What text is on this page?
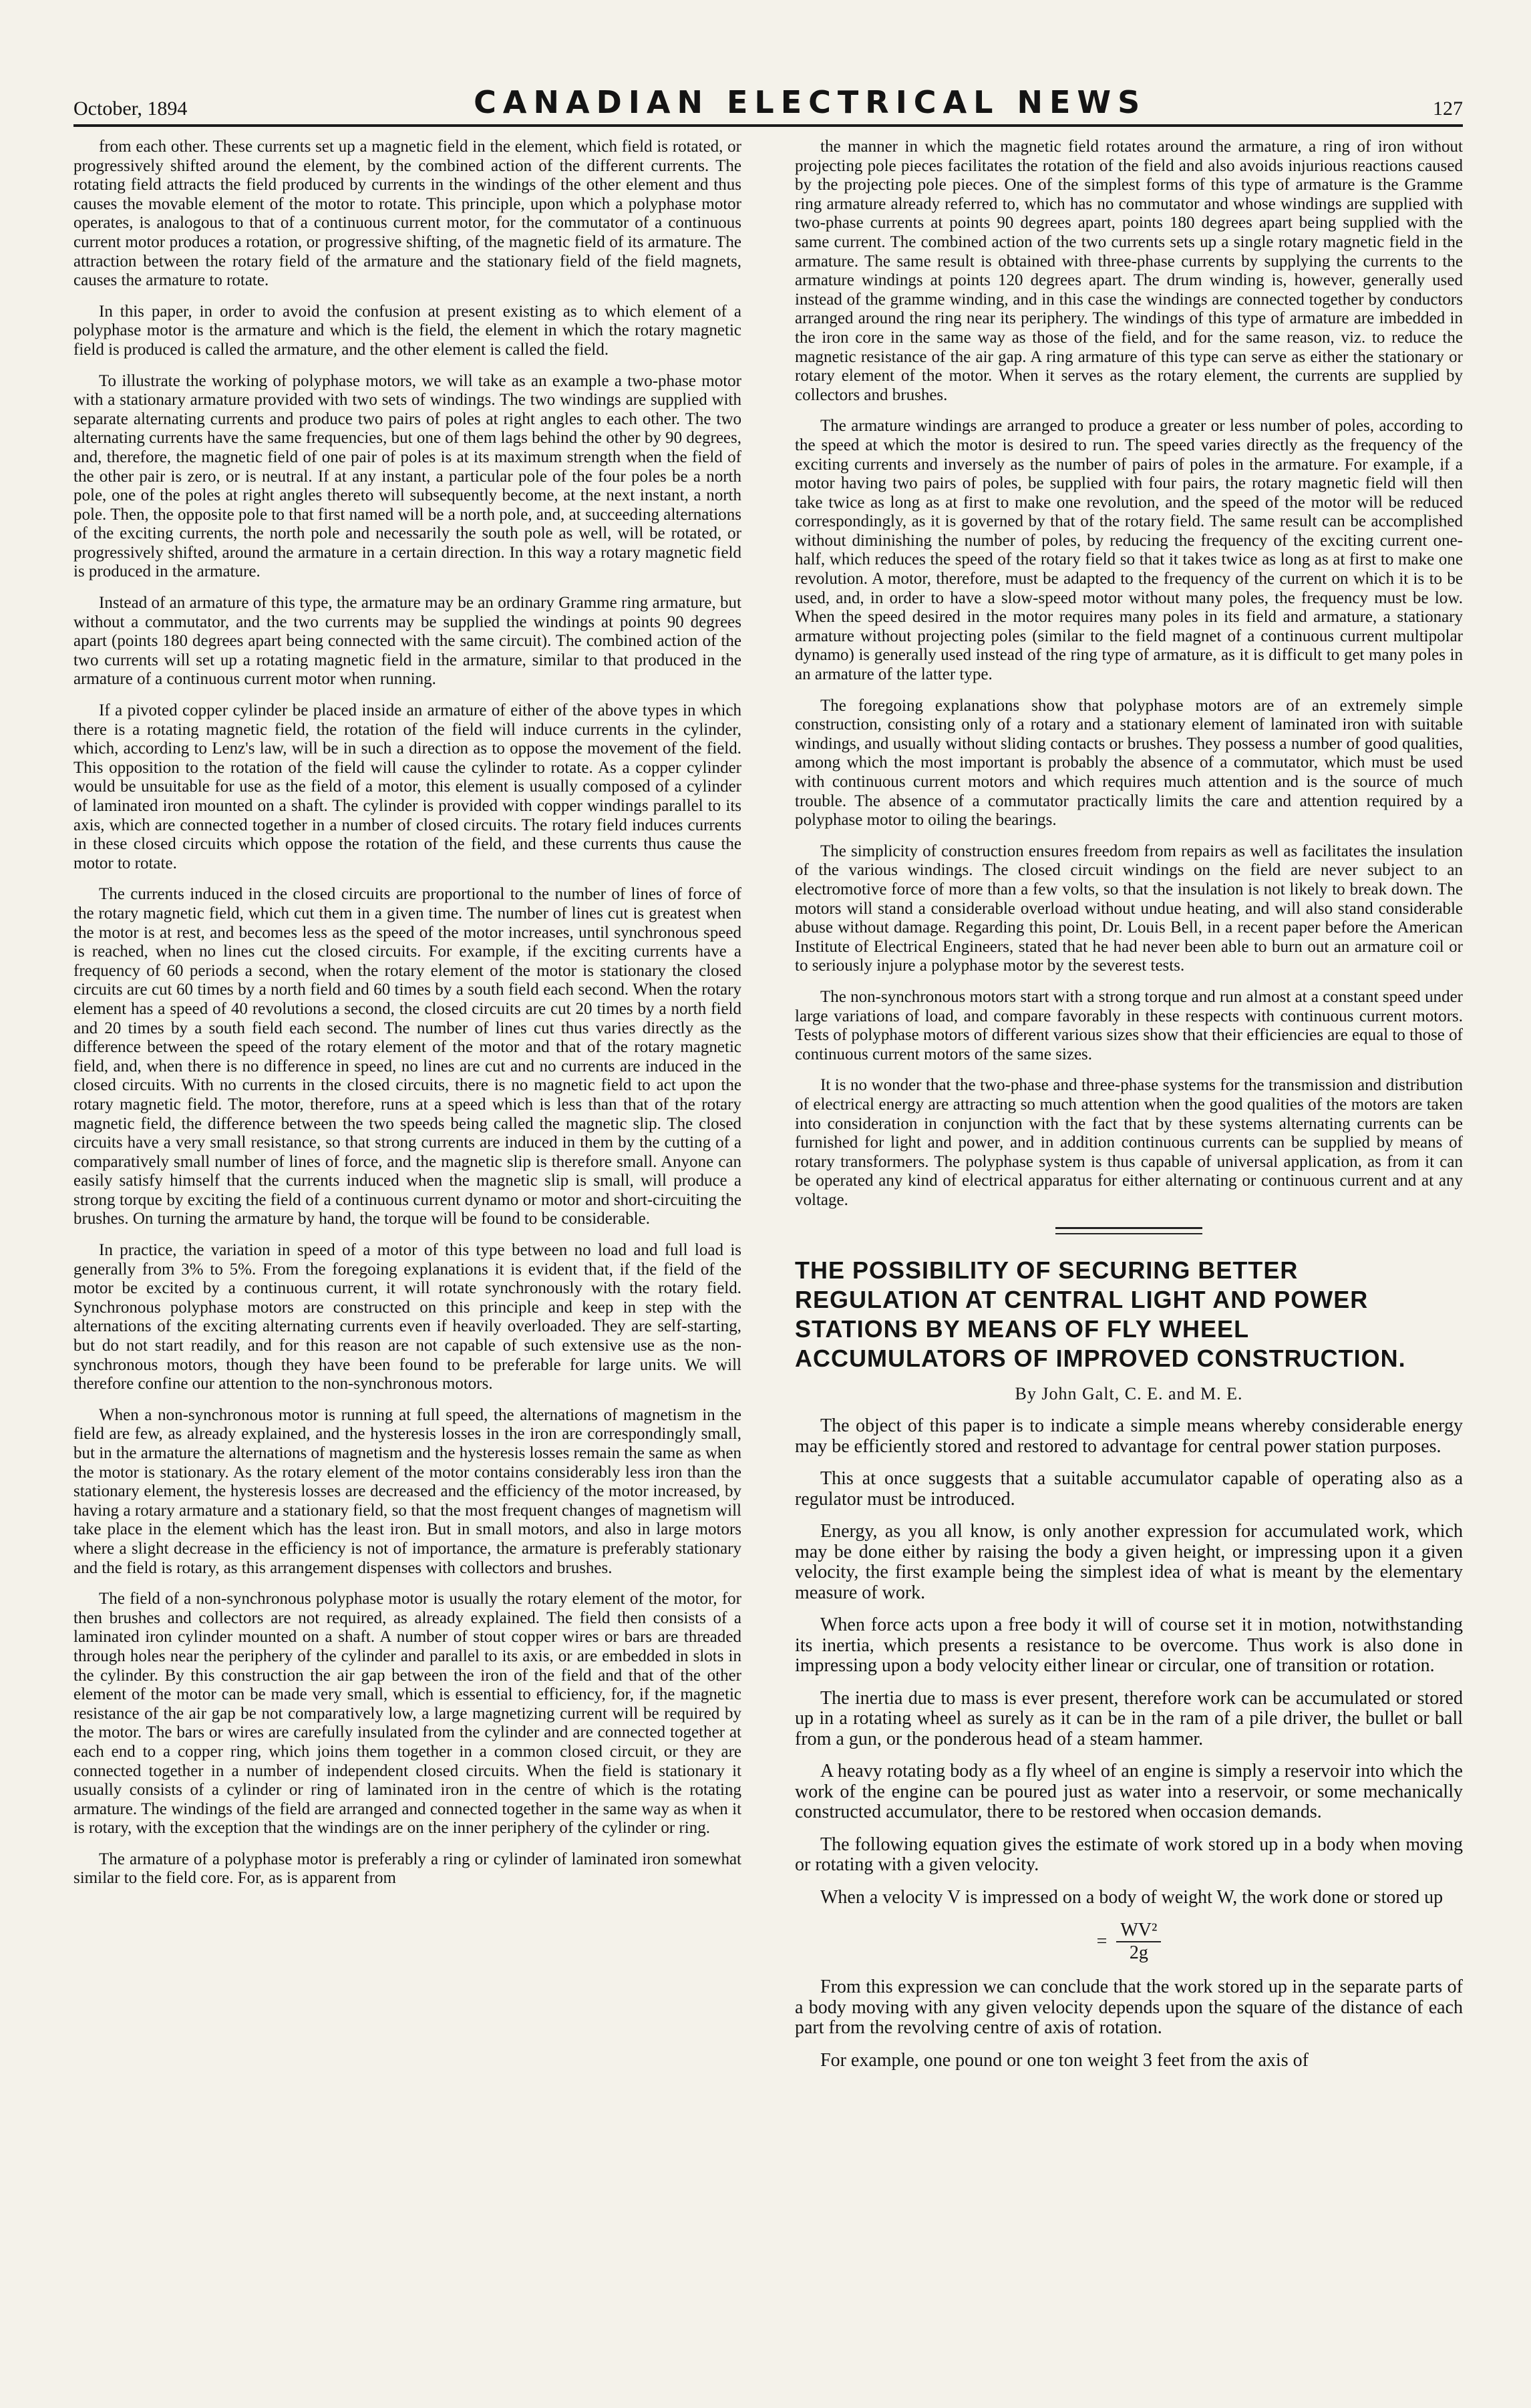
October, 1894	CANADIAN ELECTRICAL NEWS	127

from each other. These currents set up a magnetic field in the element, which field is rotated, or progressively shifted around the element, by the combined action of the different currents. The rotating field attracts the field produced by currents in the windings of the other element and thus causes the movable element of the motor to rotate. This principle, upon which a polyphase motor operates, is analogous to that of a continuous current motor, for the commutator of a continuous current motor produces a rotation, or progressive shifting, of the magnetic field of its armature. The attraction between the rotary field of the armature and the stationary field of the field magnets, causes the armature to rotate.

In this paper, in order to avoid the confusion at present existing as to which element of a polyphase motor is the armature and which is the field, the element in which the rotary magnetic field is produced is called the armature, and the other element is called the field.

To illustrate the working of polyphase motors, we will take as an example a two-phase motor with a stationary armature provided with two sets of windings. The two windings are supplied with separate alternating currents and produce two pairs of poles at right angles to each other. The two alternating currents have the same frequencies, but one of them lags behind the other by 90 degrees, and, therefore, the magnetic field of one pair of poles is at its maximum strength when the field of the other pair is zero, or is neutral. If at any instant, a particular pole of the four poles be a north pole, one of the poles at right angles thereto will subsequently become, at the next instant, a north pole. Then, the opposite pole to that first named will be a north pole, and, at succeeding alternations of the exciting currents, the north pole and necessarily the south pole as well, will be rotated, or progressively shifted, around the armature in a certain direction. In this way a rotary magnetic field is produced in the armature.

Instead of an armature of this type, the armature may be an ordinary Gramme ring armature, but without a commutator, and the two currents may be supplied the windings at points 90 degrees apart (points 180 degrees apart being connected with the same circuit). The combined action of the two currents will set up a rotating magnetic field in the armature, similar to that produced in the armature of a continuous current motor when running.

If a pivoted copper cylinder be placed inside an armature of either of the above types in which there is a rotating magnetic field, the rotation of the field will induce currents in the cylinder, which, according to Lenz's law, will be in such a direction as to oppose the movement of the field. This opposition to the rotation of the field will cause the cylinder to rotate. As a copper cylinder would be unsuitable for use as the field of a motor, this element is usually composed of a cylinder of laminated iron mounted on a shaft. The cylinder is provided with copper windings parallel to its axis, which are connected together in a number of closed circuits. The rotary field induces currents in these closed circuits which oppose the rotation of the field, and these currents thus cause the motor to rotate.

The currents induced in the closed circuits are proportional to the number of lines of force of the rotary magnetic field, which cut them in a given time. The number of lines cut is greatest when the motor is at rest, and becomes less as the speed of the motor increases, until synchronous speed is reached, when no lines cut the closed circuits. For example, if the exciting currents have a frequency of 60 periods a second, when the rotary element of the motor is stationary the closed circuits are cut 60 times by a north field and 60 times by a south field each second. When the rotary element has a speed of 40 revolutions a second, the closed circuits are cut 20 times by a north field and 20 times by a south field each second. The number of lines cut thus varies directly as the difference between the speed of the rotary element of the motor and that of the rotary magnetic field, and, when there is no difference in speed, no lines are cut and no currents are induced in the closed circuits. With no currents in the closed circuits, there is no magnetic field to act upon the rotary magnetic field. The motor, therefore, runs at a speed which is less than that of the rotary magnetic field, the difference between the two speeds being called the magnetic slip. The closed circuits have a very small resistance, so that strong currents are induced in them by the cutting of a comparatively small number of lines of force, and the magnetic slip is therefore small. Anyone can easily satisfy himself that the currents induced when the magnetic slip is small, will produce a strong torque by exciting the field of a continuous current dynamo or motor and short-circuiting the brushes. On turning the armature by hand, the torque will be found to be considerable.

In practice, the variation in speed of a motor of this type between no load and full load is generally from 3% to 5%. From the foregoing explanations it is evident that, if the field of the motor be excited by a continuous current, it will rotate synchronously with the rotary field. Synchronous polyphase motors are constructed on this principle and keep in step with the alternations of the exciting alternating currents even if heavily overloaded. They are self-starting, but do not start readily, and for this reason are not capable of such extensive use as the non-synchronous motors, though they have been found to be preferable for large units. We will therefore confine our attention to the non-synchronous motors.

When a non-synchronous motor is running at full speed, the alternations of magnetism in the field are few, as already explained, and the hysteresis losses in the iron are correspondingly small, but in the armature the alternations of magnetism and the hysteresis losses remain the same as when the motor is stationary. As the rotary element of the motor contains considerably less iron than the stationary element, the hysteresis losses are decreased and the efficiency of the motor increased, by having a rotary armature and a stationary field, so that the most frequent changes of magnetism will take place in the element which has the least iron. But in small motors, and also in large motors where a slight decrease in the efficiency is not of importance, the armature is preferably stationary and the field is rotary, as this arrangement dispenses with collectors and brushes.

The field of a non-synchronous polyphase motor is usually the rotary element of the motor, for then brushes and collectors are not required, as already explained. The field then consists of a laminated iron cylinder mounted on a shaft. A number of stout copper wires or bars are threaded through holes near the periphery of the cylinder and parallel to its axis, or are embedded in slots in the cylinder. By this construction the air gap between the iron of the field and that of the other element of the motor can be made very small, which is essential to efficiency, for, if the magnetic resistance of the air gap be not comparatively low, a large magnetizing current will be required by the motor. The bars or wires are carefully insulated from the cylinder and are connected together at each end to a copper ring, which joins them together in a common closed circuit, or they are connected together in a number of independent closed circuits. When the field is stationary it usually consists of a cylinder or ring of laminated iron in the centre of which is the rotating armature. The windings of the field are arranged and connected together in the same way as when it is rotary, with the exception that the windings are on the inner periphery of the cylinder or ring.

The armature of a polyphase motor is preferably a ring or cylinder of laminated iron somewhat similar to the field core. For, as is apparent from

the manner in which the magnetic field rotates around the armature, a ring of iron without projecting pole pieces facilitates the rotation of the field and also avoids injurious reactions caused by the projecting pole pieces. One of the simplest forms of this type of armature is the Gramme ring armature already referred to, which has no commutator and whose windings are supplied with two-phase currents at points 90 degrees apart, points 180 degrees apart being supplied with the same current. The combined action of the two currents sets up a single rotary magnetic field in the armature. The same result is obtained with three-phase currents by supplying the currents to the armature windings at points 120 degrees apart. The drum winding is, however, generally used instead of the gramme winding, and in this case the windings are connected together by conductors arranged around the ring near its periphery. The windings of this type of armature are imbedded in the iron core in the same way as those of the field, and for the same reason, viz. to reduce the magnetic resistance of the air gap. A ring armature of this type can serve as either the stationary or rotary element of the motor. When it serves as the rotary element, the currents are supplied by collectors and brushes.

The armature windings are arranged to produce a greater or less number of poles, according to the speed at which the motor is desired to run. The speed varies directly as the frequency of the exciting currents and inversely as the number of pairs of poles in the armature. For example, if a motor having two pairs of poles, be supplied with four pairs, the rotary magnetic field will then take twice as long as at first to make one revolution, and the speed of the motor will be reduced correspondingly, as it is governed by that of the rotary field. The same result can be accomplished without diminishing the number of poles, by reducing the frequency of the exciting current one-half, which reduces the speed of the rotary field so that it takes twice as long as at first to make one revolution. A motor, therefore, must be adapted to the frequency of the current on which it is to be used, and, in order to have a slow-speed motor without many poles, the frequency must be low. When the speed desired in the motor requires many poles in its field and armature, a stationary armature without projecting poles (similar to the field magnet of a continuous current multipolar dynamo) is generally used instead of the ring type of armature, as it is difficult to get many poles in an armature of the latter type.

The foregoing explanations show that polyphase motors are of an extremely simple construction, consisting only of a rotary and a stationary element of laminated iron with suitable windings, and usually without sliding contacts or brushes. They possess a number of good qualities, among which the most important is probably the absence of a commutator, which must be used with continuous current motors and which requires much attention and is the source of much trouble. The absence of a commutator practically limits the care and attention required by a polyphase motor to oiling the bearings.

The simplicity of construction ensures freedom from repairs as well as facilitates the insulation of the various windings. The closed circuit windings on the field are never subject to an electromotive force of more than a few volts, so that the insulation is not likely to break down. The motors will stand a considerable overload without undue heating, and will also stand considerable abuse without damage. Regarding this point, Dr. Louis Bell, in a recent paper before the American Institute of Electrical Engineers, stated that he had never been able to burn out an armature coil or to seriously injure a polyphase motor by the severest tests.

The non-synchronous motors start with a strong torque and run almost at a constant speed under large variations of load, and compare favorably in these respects with continuous current motors. Tests of polyphase motors of different various sizes show that their efficiencies are equal to those of continuous current motors of the same sizes.

It is no wonder that the two-phase and three-phase systems for the transmission and distribution of electrical energy are attracting so much attention when the good qualities of the motors are taken into consideration in conjunction with the fact that by these systems alternating currents can be furnished for light and power, and in addition continuous currents can be supplied by means of rotary transformers. The polyphase system is thus capable of universal application, as from it can be operated any kind of electrical apparatus for either alternating or continuous current and at any voltage.

THE POSSIBILITY OF SECURING BETTER REGULATION AT CENTRAL LIGHT AND POWER STATIONS BY MEANS OF FLY WHEEL ACCUMULATORS OF IMPROVED CONSTRUCTION.
By John Galt, C. E. and M. E.

The object of this paper is to indicate a simple means whereby considerable energy may be efficiently stored and restored to advantage for central power station purposes.

This at once suggests that a suitable accumulator capable of operating also as a regulator must be introduced.

Energy, as you all know, is only another expression for accumulated work, which may be done either by raising the body a given height, or impressing upon it a given velocity, the first example being the simplest idea of what is meant by the elementary measure of work.

When force acts upon a free body it will of course set it in motion, notwithstanding its inertia, which presents a resistance to be overcome. Thus work is also done in impressing upon a body velocity either linear or circular, one of transition or rotation.

The inertia due to mass is ever present, therefore work can be accumulated or stored up in a rotating wheel as surely as it can be in the ram of a pile driver, the bullet or ball from a gun, or the ponderous head of a steam hammer.

A heavy rotating body as a fly wheel of an engine is simply a reservoir into which the work of the engine can be poured just as water into a reservoir, or some mechanically constructed accumulator, there to be restored when occasion demands.

The following equation gives the estimate of work stored up in a body when moving or rotating with a given velocity.

When a velocity V is impressed on a body of weight W, the work done or stored up

= $\frac{\text{WV²}}{2g}$

From this expression we can conclude that the work stored up in the separate parts of a body moving with any given velocity depends upon the square of the distance of each part from the revolving centre of axis of rotation.

For example, one pound or one ton weight 3 feet from the axis of
